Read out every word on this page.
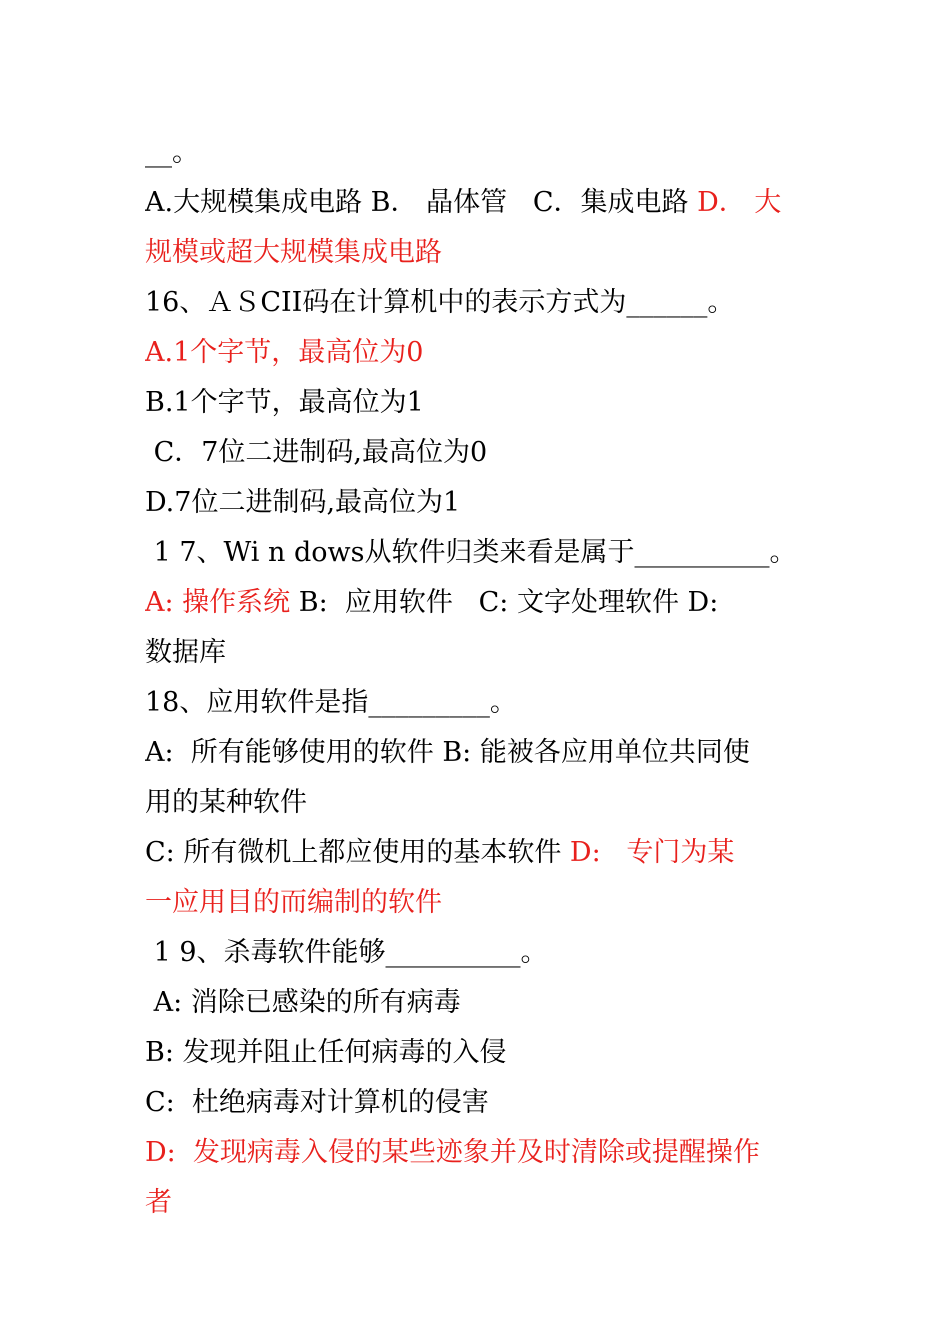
__。
A.大规模集成电路 B． 晶体管   C．集成电路 D． 大
规模或超大规模集成电路
16、ＡＳCII码在计算机中的表示方式为______。
A.1个字节，最高位为0
B.1个字节，最高位为1
C．7位二进制码,最高位为0
D.7位二进制码,最高位为1
1 7、Wi n dows从软件归类来看是属于__________。
A: 操作系统 B:  应用软件   C: 文字处理软件 D:
数据库
18、应用软件是指_________。
A:  所有能够使用的软件 B: 能被各应用单位共同使
用的某种软件
C: 所有微机上都应使用的基本软件 D:   专门为某
一应用目的而编制的软件
1 9、杀毒软件能够__________。
A: 消除已感染的所有病毒
B: 发现并阻止任何病毒的入侵
C:  杜绝病毒对计算机的侵害
D:  发现病毒入侵的某些迹象并及时清除或提醒操作
者
